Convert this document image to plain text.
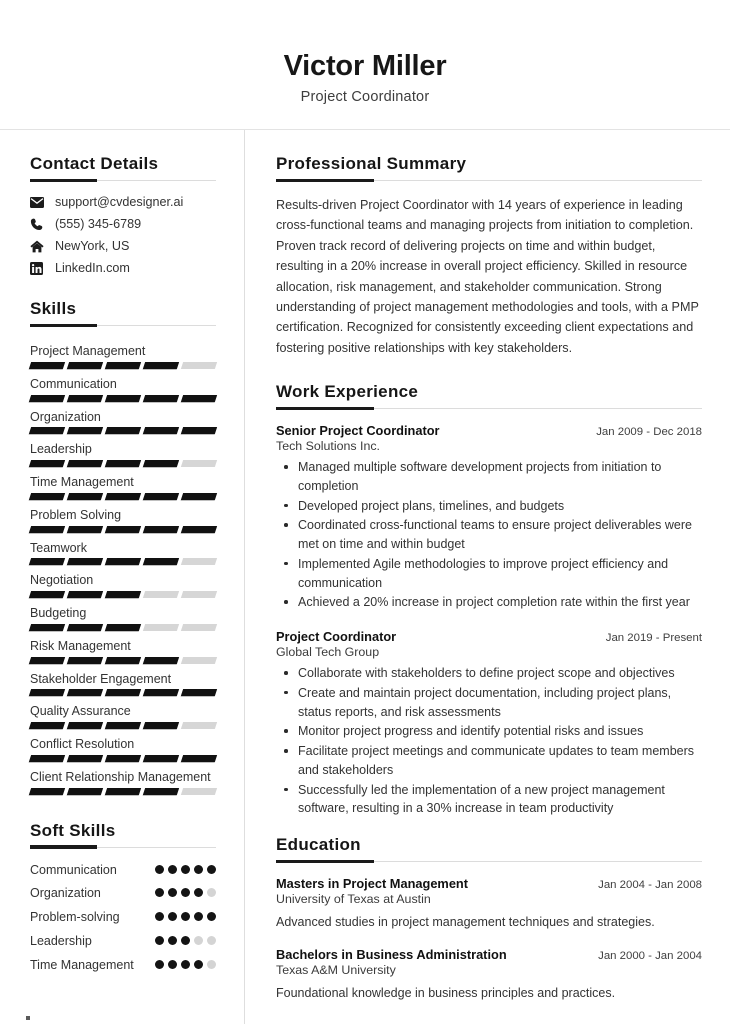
Victor Miller
Project Coordinator
Contact Details
support@cvdesigner.ai
(555) 345-6789
NewYork, US
LinkedIn.com
Skills
Project Management
Communication
Organization
Leadership
Time Management
Problem Solving
Teamwork
Negotiation
Budgeting
Risk Management
Stakeholder Engagement
Quality Assurance
Conflict Resolution
Client Relationship Management
Soft Skills
Communication
Organization
Problem-solving
Leadership
Time Management
Professional Summary
Results-driven Project Coordinator with 14 years of experience in leading cross-functional teams and managing projects from initiation to completion. Proven track record of delivering projects on time and within budget, resulting in a 20% increase in overall project efficiency. Skilled in resource allocation, risk management, and stakeholder communication. Strong understanding of project management methodologies and tools, with a PMP certification. Recognized for consistently exceeding client expectations and fostering positive relationships with key stakeholders.
Work Experience
Senior Project Coordinator	Jan 2009 - Dec 2018
Tech Solutions Inc.
Managed multiple software development projects from initiation to completion
Developed project plans, timelines, and budgets
Coordinated cross-functional teams to ensure project deliverables were met on time and within budget
Implemented Agile methodologies to improve project efficiency and communication
Achieved a 20% increase in project completion rate within the first year
Project Coordinator	Jan 2019 - Present
Global Tech Group
Collaborate with stakeholders to define project scope and objectives
Create and maintain project documentation, including project plans, status reports, and risk assessments
Monitor project progress and identify potential risks and issues
Facilitate project meetings and communicate updates to team members and stakeholders
Successfully led the implementation of a new project management software, resulting in a 30% increase in team productivity
Education
Masters in Project Management	Jan 2004 - Jan 2008
University of Texas at Austin
Advanced studies in project management techniques and strategies.
Bachelors in Business Administration	Jan 2000 - Jan 2004
Texas A&M University
Foundational knowledge in business principles and practices.
